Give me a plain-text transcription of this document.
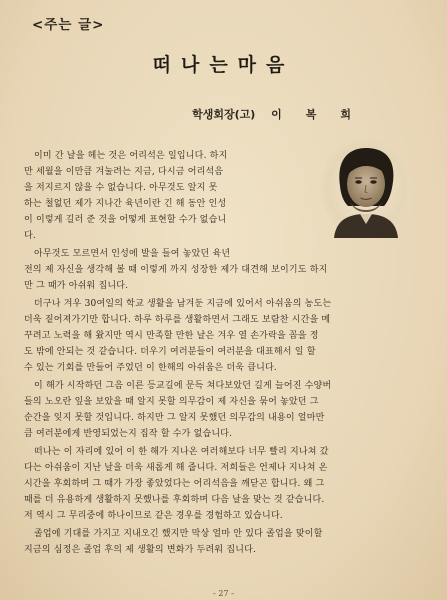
<주는 글>
떠나는마음
학생회장(고) 이복희

이미 간 날을 헤는 것은 어리석은 일입니다. 하지
만 세월을 이만큼 겨눌려는 지금, 다시금 어리석음
을 저지르지 않을 수 없습니다. 아무것도 알지 못
하는 철없던 제가 지나간 육년이란 긴 해 동안 인성
이 이렇게 길러 준 것을 어떻게 표현할 수가 없습니
다.

아무것도 모르면서 인성에 발을 들여 놓았던 육년
전의 제 자신을 생각해 볼 때 이렇게 까지 성장한 제가 대견해 보이기도 하지
만 그 때가 아쉬워 집니다.

더구나 겨우 30여일의 학교 생활을 남겨둔 지금에 있어서 아쉬움의 농도는
더욱 짙어져가기만 합니다. 하루 하루를 생활하면서 그래도 보람찬 시간을 메
꾸려고 노력을 해 왔지만 역시 만족할 만한 날은 겨우 열 손가락을 꼽을 정
도 밖에 안되는 것 같습니다. 더우기 여러분들이 여러분을 대표해서 일 할
수 있는 기회를 만들어 주었던 이 한해의 아쉬움은 더욱 큽니다.

이 해가 시작하던 그음 이른 등교길에 문득 쳐다보았던 길게 늘어진 수양버
들의 노오란 잎을 보았을 때 알지 못할 의무감이 제 자신을 묶어 놓았던 그
순간을 잊지 못할 것입니다. 하지만 그 알지 못했던 의무감의 내용이 얼마만
큼 여러분에게 반영되었는지 집작 할 수가 없습니다.

떠나는 이 자리에 있어 이 한 해가 지나온 여러해보다 너무 빨리 지나쳐 갔
다는 아쉬움이 지난 날을 더욱 새롭게 해 줍니다. 저희들은 언제나 지나쳐 온
시간을 후회하며 그 때가 가장 좋았었다는 어리석음을 깨닫곤 합니다. 왜 그
때를 더 유용하게 생활하지 못했나를 후회하며 다음 날을 맞는 것 같습니다.
저 역시 그 무리중에 하나이므로 같은 경우를 경험하고 있습니다.

졸업에 기대를 가지고 지내오긴 했지만 막상 얼마 안 있다 졸업을 맞이할
지금의 심정은 졸업 후의 제 생활의 변화가 두려워 집니다.

- 27 -
